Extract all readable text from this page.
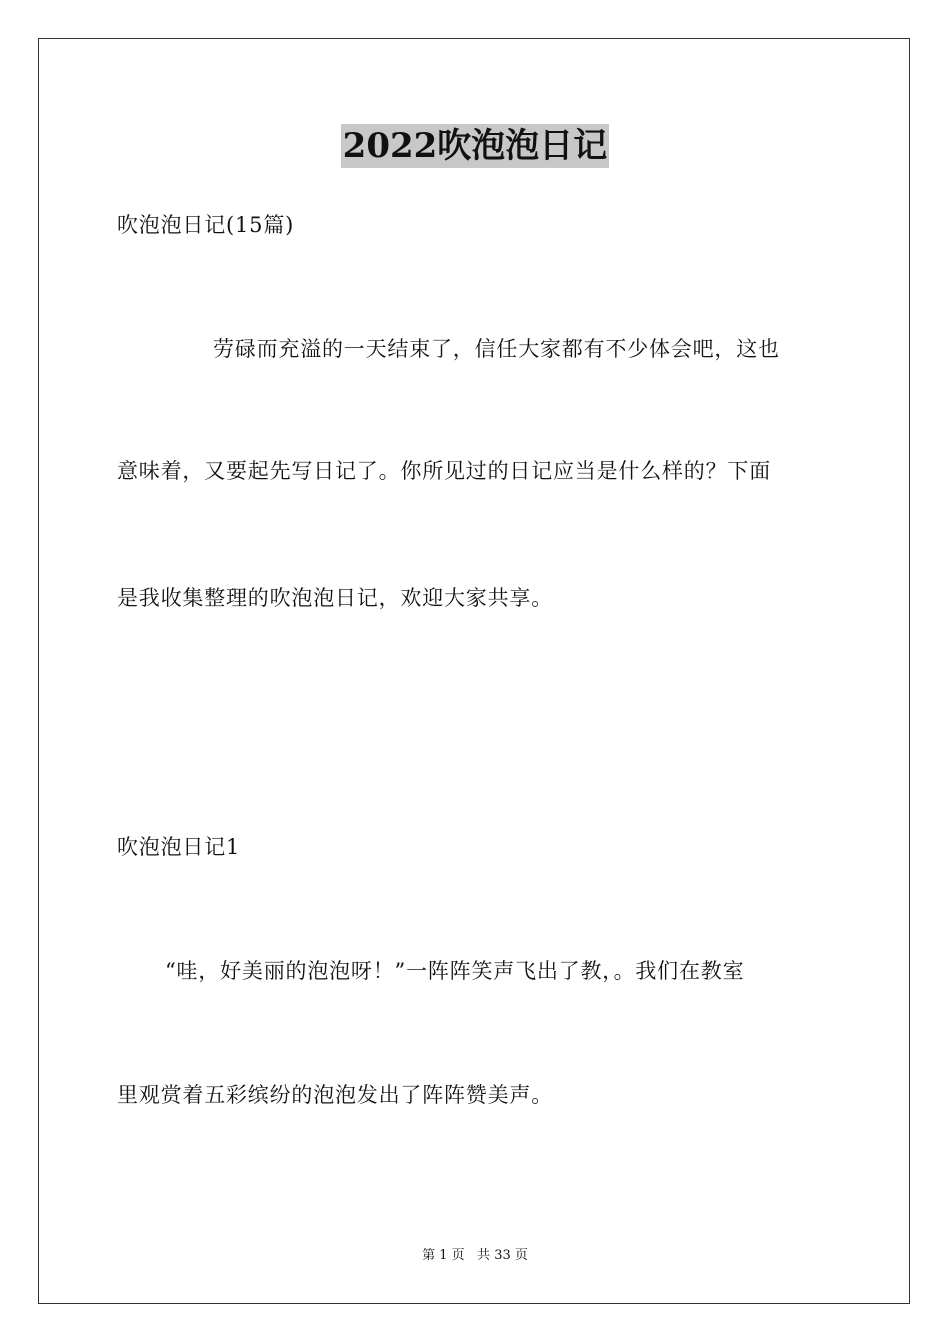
2022吹泡泡日记
吹泡泡日记(15篇)
劳碌而充溢的一天结束了，信任大家都有不少体会吧，这也
意味着，又要起先写日记了。你所见过的日记应当是什么样的？下面
是我收集整理的吹泡泡日记，欢迎大家共享。
吹泡泡日记1
“哇，好美丽的泡泡呀！”一阵阵笑声飞出了教，。我们在教室
里观赏着五彩缤纷的泡泡发出了阵阵赞美声。
第 1 页   共 33 页
